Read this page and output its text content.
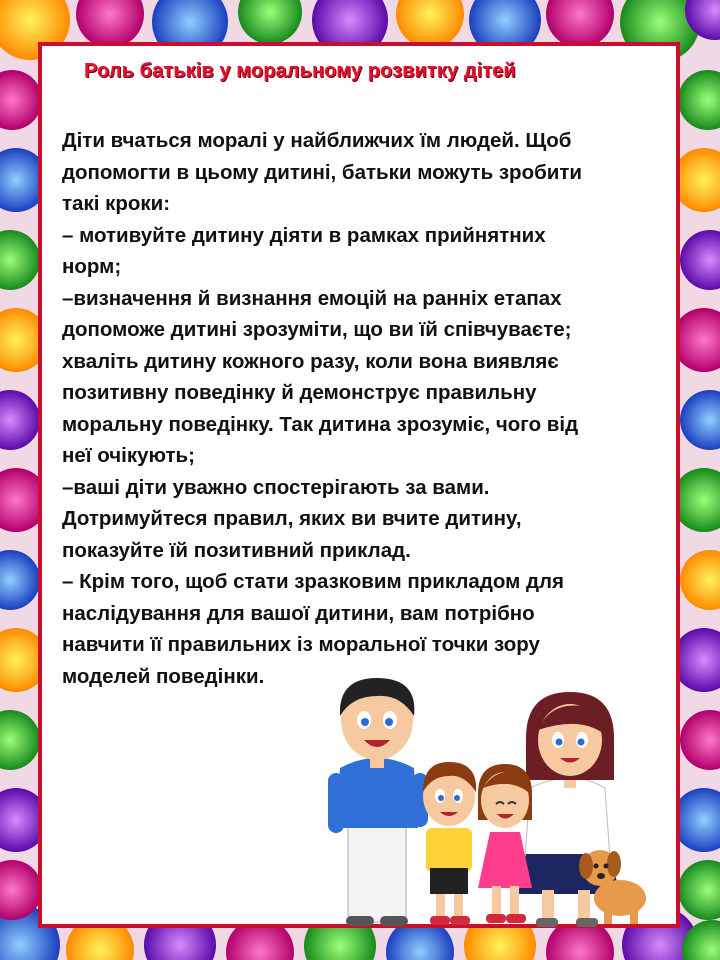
Роль батьків у моральному розвитку дітей

Діти вчаться моралі у найближчих їм людей. Щоб

допомогти в цьому дитині, батьки можуть зробити

такі кроки:

– мотивуйте дитину діяти в рамках прийнятних

норм;

–визначення й визнання емоцій на ранніх етапах

допоможе дитині зрозуміти, що ви їй співчуваєте;

хваліть дитину кожного разу, коли вона виявляє

позитивну поведінку й демонструє правильну

моральну поведінку. Так дитина зрозуміє, чого від

неї очікують;

–ваші діти уважно спостерігають за вами.

Дотримуйтеся правил, яких ви вчите дитину,

показуйте їй позитивний приклад.

– Крім того, щоб стати зразковим прикладом для

наслідування для вашої дитини, вам потрібно

навчити її правильних із моральної точки зору

моделей поведінки.
